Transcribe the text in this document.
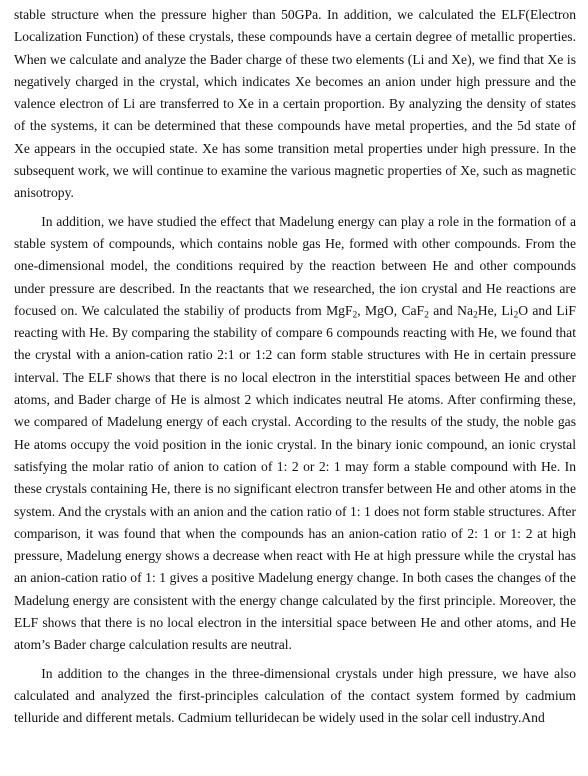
stable structure when the pressure higher than 50GPa. In addition, we calculated the ELF(Electron Localization Function) of these crystals, these compounds have a certain degree of metallic properties. When we calculate and analyze the Bader charge of these two elements (Li and Xe), we find that Xe is negatively charged in the crystal, which indicates Xe becomes an anion under high pressure and the valence electron of Li are transferred to Xe in a certain proportion. By analyzing the density of states of the systems, it can be determined that these compounds have metal properties, and the 5d state of Xe appears in the occupied state. Xe has some transition metal properties under high pressure. In the subsequent work, we will continue to examine the various magnetic properties of Xe, such as magnetic anisotropy.

In addition, we have studied the effect that Madelung energy can play a role in the formation of a stable system of compounds, which contains noble gas He, formed with other compounds. From the one-dimensional model, the conditions required by the reaction between He and other compounds under pressure are described. In the reactants that we researched, the ion crystal and He reactions are focused on. We calculated the stabiliy of products from MgF$_2$, MgO, CaF$_2$ and $Na_2He$, $Li_2O$ and LiF reacting with He. By comparing the stability of compare 6 compounds reacting with He, we found that the crystal with a anion-cation ratio 2:1 or 1:2 can form stable structures with He in certain pressure interval. The ELF shows that there is no local electron in the interstitial spaces between He and other atoms, and Bader charge of He is almost 2 which indicates neutral He atoms. After confirming these, we compared of Madelung energy of each crystal. According to the results of the study, the noble gas He atoms occupy the void position in the ionic crystal. In the binary ionic compound, an ionic crystal satisfying the molar ratio of anion to cation of 1: 2 or 2: 1 may form a stable compound with He. In these crystals containing He, there is no significant electron transfer between He and other atoms in the system. And the crystals with an anion and the cation ratio of 1: 1 does not form stable structures. After comparison, it was found that when the compounds has an anion-cation ratio of 2: 1 or 1: 2 at high pressure, Madelung energy shows a decrease when react with He at high pressure while the crystal has an anion-cation ratio of 1: 1 gives a positive Madelung energy change. In both cases the changes of the Madelung energy are consistent with the energy change calculated by the first principle. Moreover, the ELF shows that there is no local electron in the intersitial space between He and other atoms, and He atom’s Bader charge calculation results are neutral.

In addition to the changes in the three-dimensional crystals under high pressure, we have also calculated and analyzed the first-principles calculation of the contact system formed by cadmium telluride and different metals. Cadmium telluridecan be widely used in the solar cell industry.And
